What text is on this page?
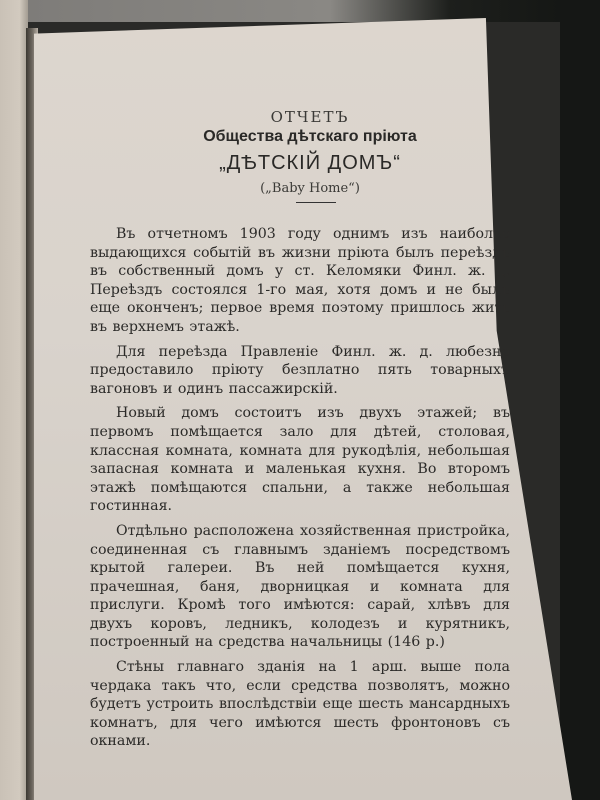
ОТЧЕТЪ
Общества дѣтскаго прiюта
„ДѢТСКIЙ ДОМЪ“
(„Baby Home“)

Въ отчетномъ 1903 году однимъ изъ наиболѣе выдающихся событiй въ жизни прiюта былъ переѣздъ въ собственный домъ у ст. Келомяки Финл. ж. д. Переѣздъ состоялся 1-го мая, хотя домъ и не былъ еще оконченъ; первое время поэтому пришлось жить въ верхнемъ этажѣ.

Для переѣзда Правленiе Финл. ж. д. любезно предоставило прiюту безплатно пять товарныхъ вагоновъ и одинъ пассажирскiй.

Новый домъ состоитъ изъ двухъ этажей; въ первомъ помѣщается зало для дѣтей, столовая, классная комната, комната для рукодѣлiя, небольшая запасная комната и маленькая кухня. Во второмъ этажѣ помѣщаются спальни, а также небольшая гостинная.

Отдѣльно расположена хозяйственная пристройка, соединенная съ главнымъ зданiемъ посредствомъ крытой галереи. Въ ней помѣщается кухня, прачешная, баня, дворницкая и комната для прислуги. Кромѣ того имѣются: сарай, хлѣвъ для двухъ коровъ, ледникъ, колодезъ и курятникъ, построенный на средства начальницы (146 р.)

Стѣны главнаго зданiя на 1 арш. выше пола чердака такъ что, если средства позволятъ, можно будетъ устроить впослѣдствiи еще шесть мансардныхъ комнатъ, для чего имѣются шесть фронтоновъ съ окнами.
